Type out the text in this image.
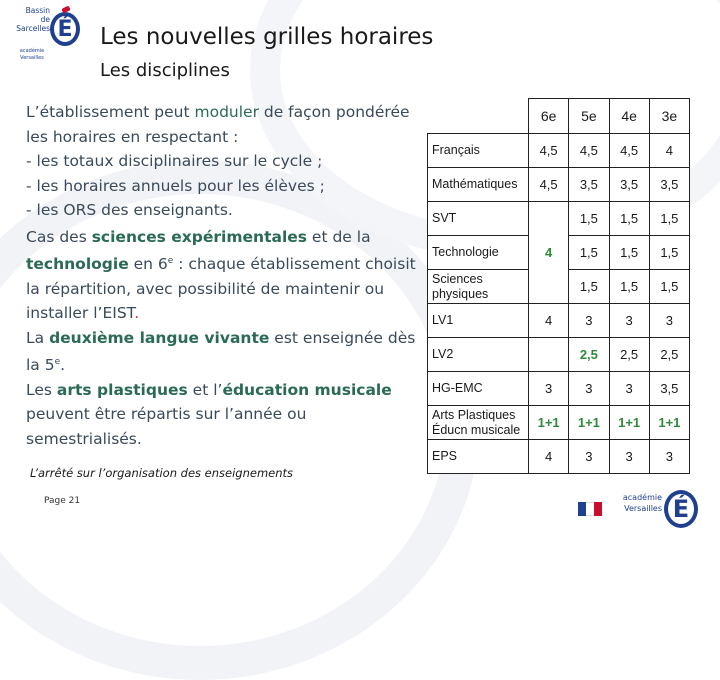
Bassin
de Sarcelles
académie
Versailles
É	Les nouvelles grilles horaires
Les disciplines

L’établissement peut moduler de façon pondérée les horaires en respectant :
- les totaux disciplinaires sur le cycle ;
- les horaires annuels pour les élèves ;
- les ORS des enseignants.

Cas des sciences expérimentales et de la technologie en 6e : chaque établissement choisit la répartition, avec possibilité de maintenir ou installer l’EIST.

La deuxième langue vivante est enseignée dès la 5e.

Les arts plastiques et l’éducation musicale peuvent être répartis sur l’année ou semestrialisés.

L’arrêté sur l’organisation des enseignements
Page 21
	6e	5e	4e	3e
Français	4,5	4,5	4,5	4
Mathématiques	4,5	3,5	3,5	3,5
SVT	4	1,5	1,5	1,5
Technologie		1,5	1,5	1,5
Sciences physiques		1,5	1,5	1,5
LV1	4	3	3	3
LV2		2,5	2,5	2,5
HG-EMC	3	3	3	3,5
Arts Plastiques Éducn musicale	1+1	1+1	1+1	1+1
EPS	4	3	3	3
académie
Versailles É
